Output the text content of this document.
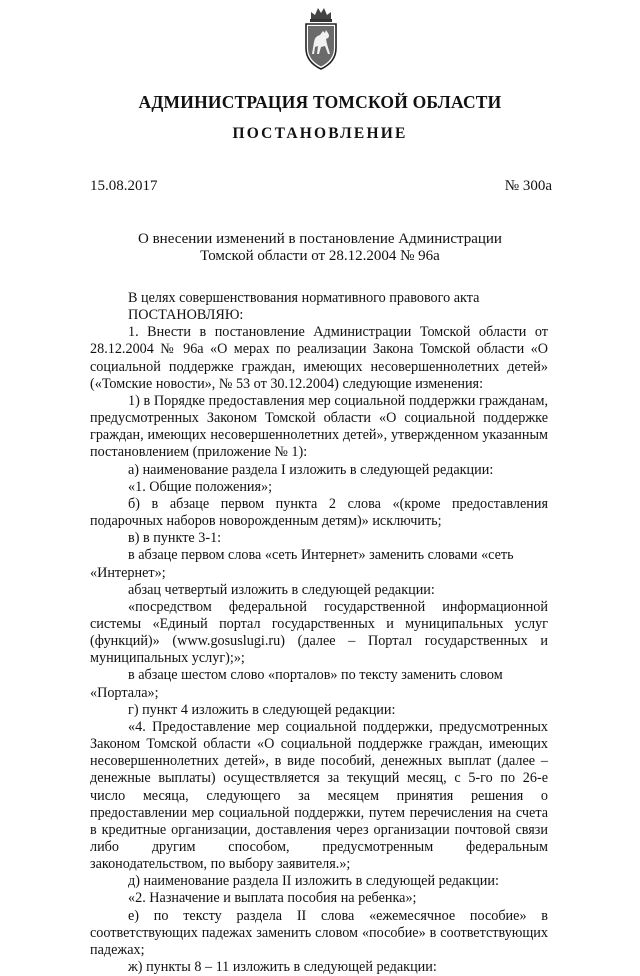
АДМИНИСТРАЦИЯ ТОМСКОЙ ОБЛАСТИ
ПОСТАНОВЛЕНИЕ
15.08.2017	№ 300а
О внесении изменений в постановление Администрации
Томской области от 28.12.2004 № 96а

В целях совершенствования нормативного правового акта

ПОСТАНОВЛЯЮ:

1. Внести в постановление Администрации Томской области от 28.12.2004 № 96а «О мерах по реализации Закона Томской области «О социальной поддержке граждан, имеющих несовершеннолетних детей» («Томские новости», № 53 от 30.12.2004) следующие изменения:

1) в Порядке предоставления мер социальной поддержки гражданам, предусмотренных Законом Томской области «О социальной поддержке граждан, имеющих несовершеннолетних детей», утвержденном указанным постановлением (приложение № 1):

а) наименование раздела I изложить в следующей редакции:

«1. Общие положения»;

б) в абзаце первом пункта 2 слова «(кроме предоставления подарочных наборов новорожденным детям)» исключить;

в) в пункте 3-1:

в абзаце первом слова «сеть Интернет» заменить словами «сеть «Интернет»;

абзац четвертый изложить в следующей редакции:

«посредством федеральной государственной информационной системы «Единый портал государственных и муниципальных услуг (функций)» (www.gosuslugi.ru) (далее – Портал государственных и муниципальных услуг);»;

в абзаце шестом слово «порталов» по тексту заменить словом «Портала»;

г) пункт 4 изложить в следующей редакции:

«4. Предоставление мер социальной поддержки, предусмотренных Законом Томской области «О социальной поддержке граждан, имеющих несовершеннолетних детей», в виде пособий, денежных выплат (далее – денежные выплаты) осуществляется за текущий месяц, с 5-го по 26-е число месяца, следующего за месяцем принятия решения о предоставлении мер социальной поддержки, путем перечисления на счета в кредитные организации, доставления через организации почтовой связи либо другим способом, предусмотренным федеральным законодательством, по выбору заявителя.»;

д) наименование раздела II изложить в следующей редакции:

«2. Назначение и выплата пособия на ребенка»;

е) по тексту раздела II слова «ежемесячное пособие» в соответствующих падежах заменить словом «пособие» в соответствующих падежах;

ж) пункты 8 – 11 изложить в следующей редакции:
